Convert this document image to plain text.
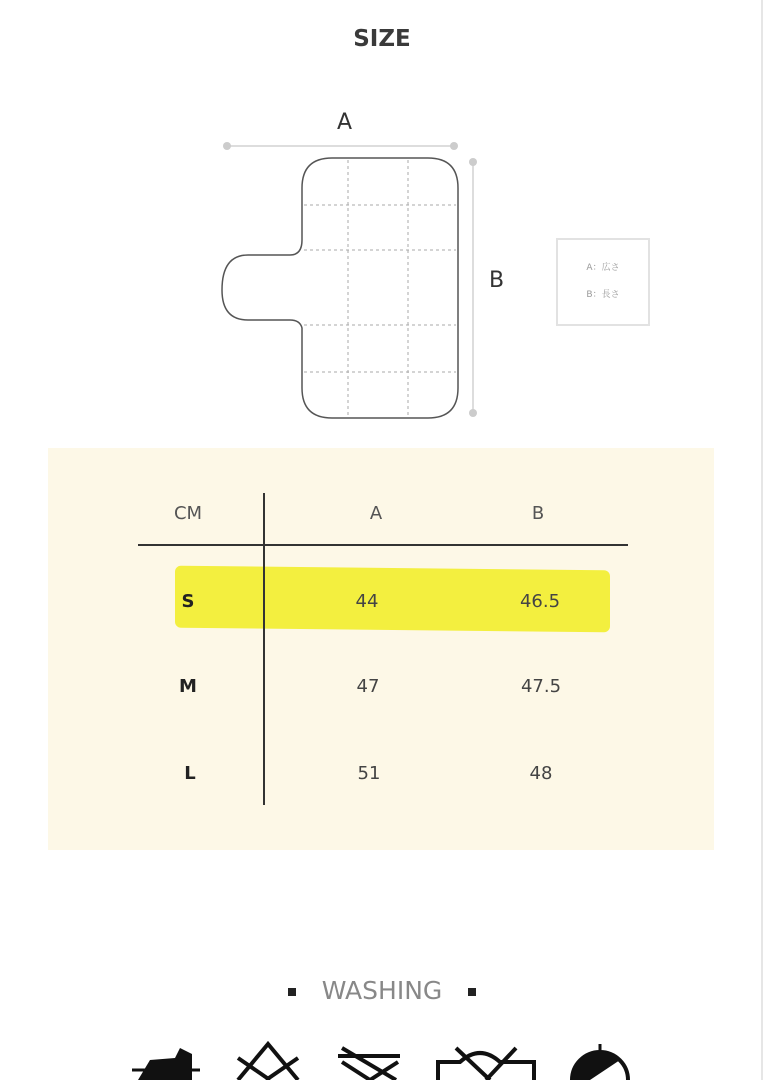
SIZE
A
B	A：広さ
B：長さ
CM	A	B
S	44	46.5
M	47	47.5
L	51	48
WASHING
